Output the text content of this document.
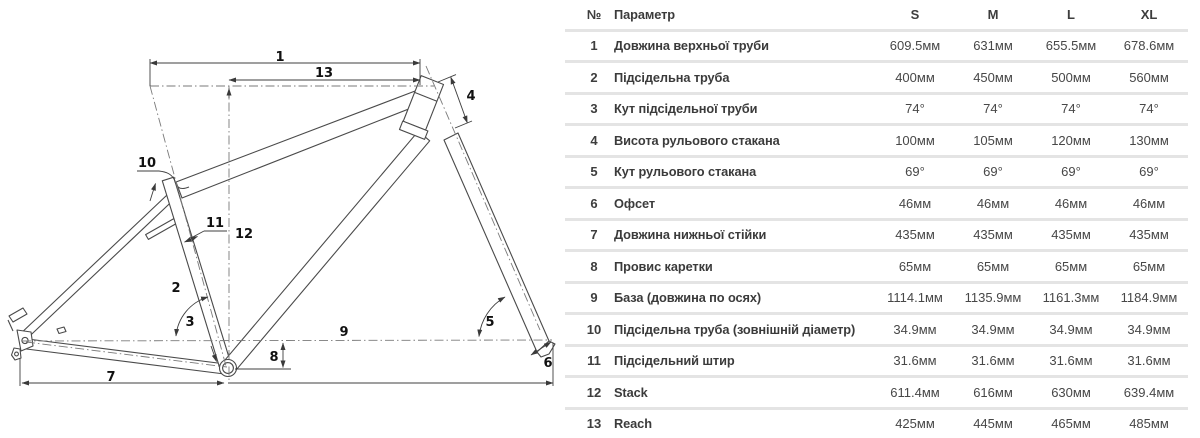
1
13
4
10
11
12
2
3
9
5
8	6
7
№ Параметр	S	M	L	XL
1	Довжина верхньої труби	609.5мм	631мм	655.5мм	678.6мм
2	Підсідельна труба	400мм	450мм	500мм	560мм
3	Кут підсідельної труби	74°	74°	74°	74°
4	Висота рульового стакана	100мм	105мм	120мм	130мм
5	Кут рульового стакана	69°	69°	69°	69°
6	Офсет	46мм	46мм	46мм	46мм
7	Довжина нижньої стійки	435мм	435мм	435мм	435мм
8	Провис каретки	65мм	65мм	65мм	65мм
9	База (довжина по осях)	1114.1мм	1135.9мм	1161.3мм	1184.9мм
10 Підсідельна труба (зовнішній діаметр)	34.9мм	34.9мм	34.9мм	34.9мм
11	Підсідельний штир	31.6мм	31.6мм	31.6мм	31.6мм
12 Stack	611.4мм	616мм	630мм	639.4мм
13 Reach	425мм	445мм	465мм	485мм
